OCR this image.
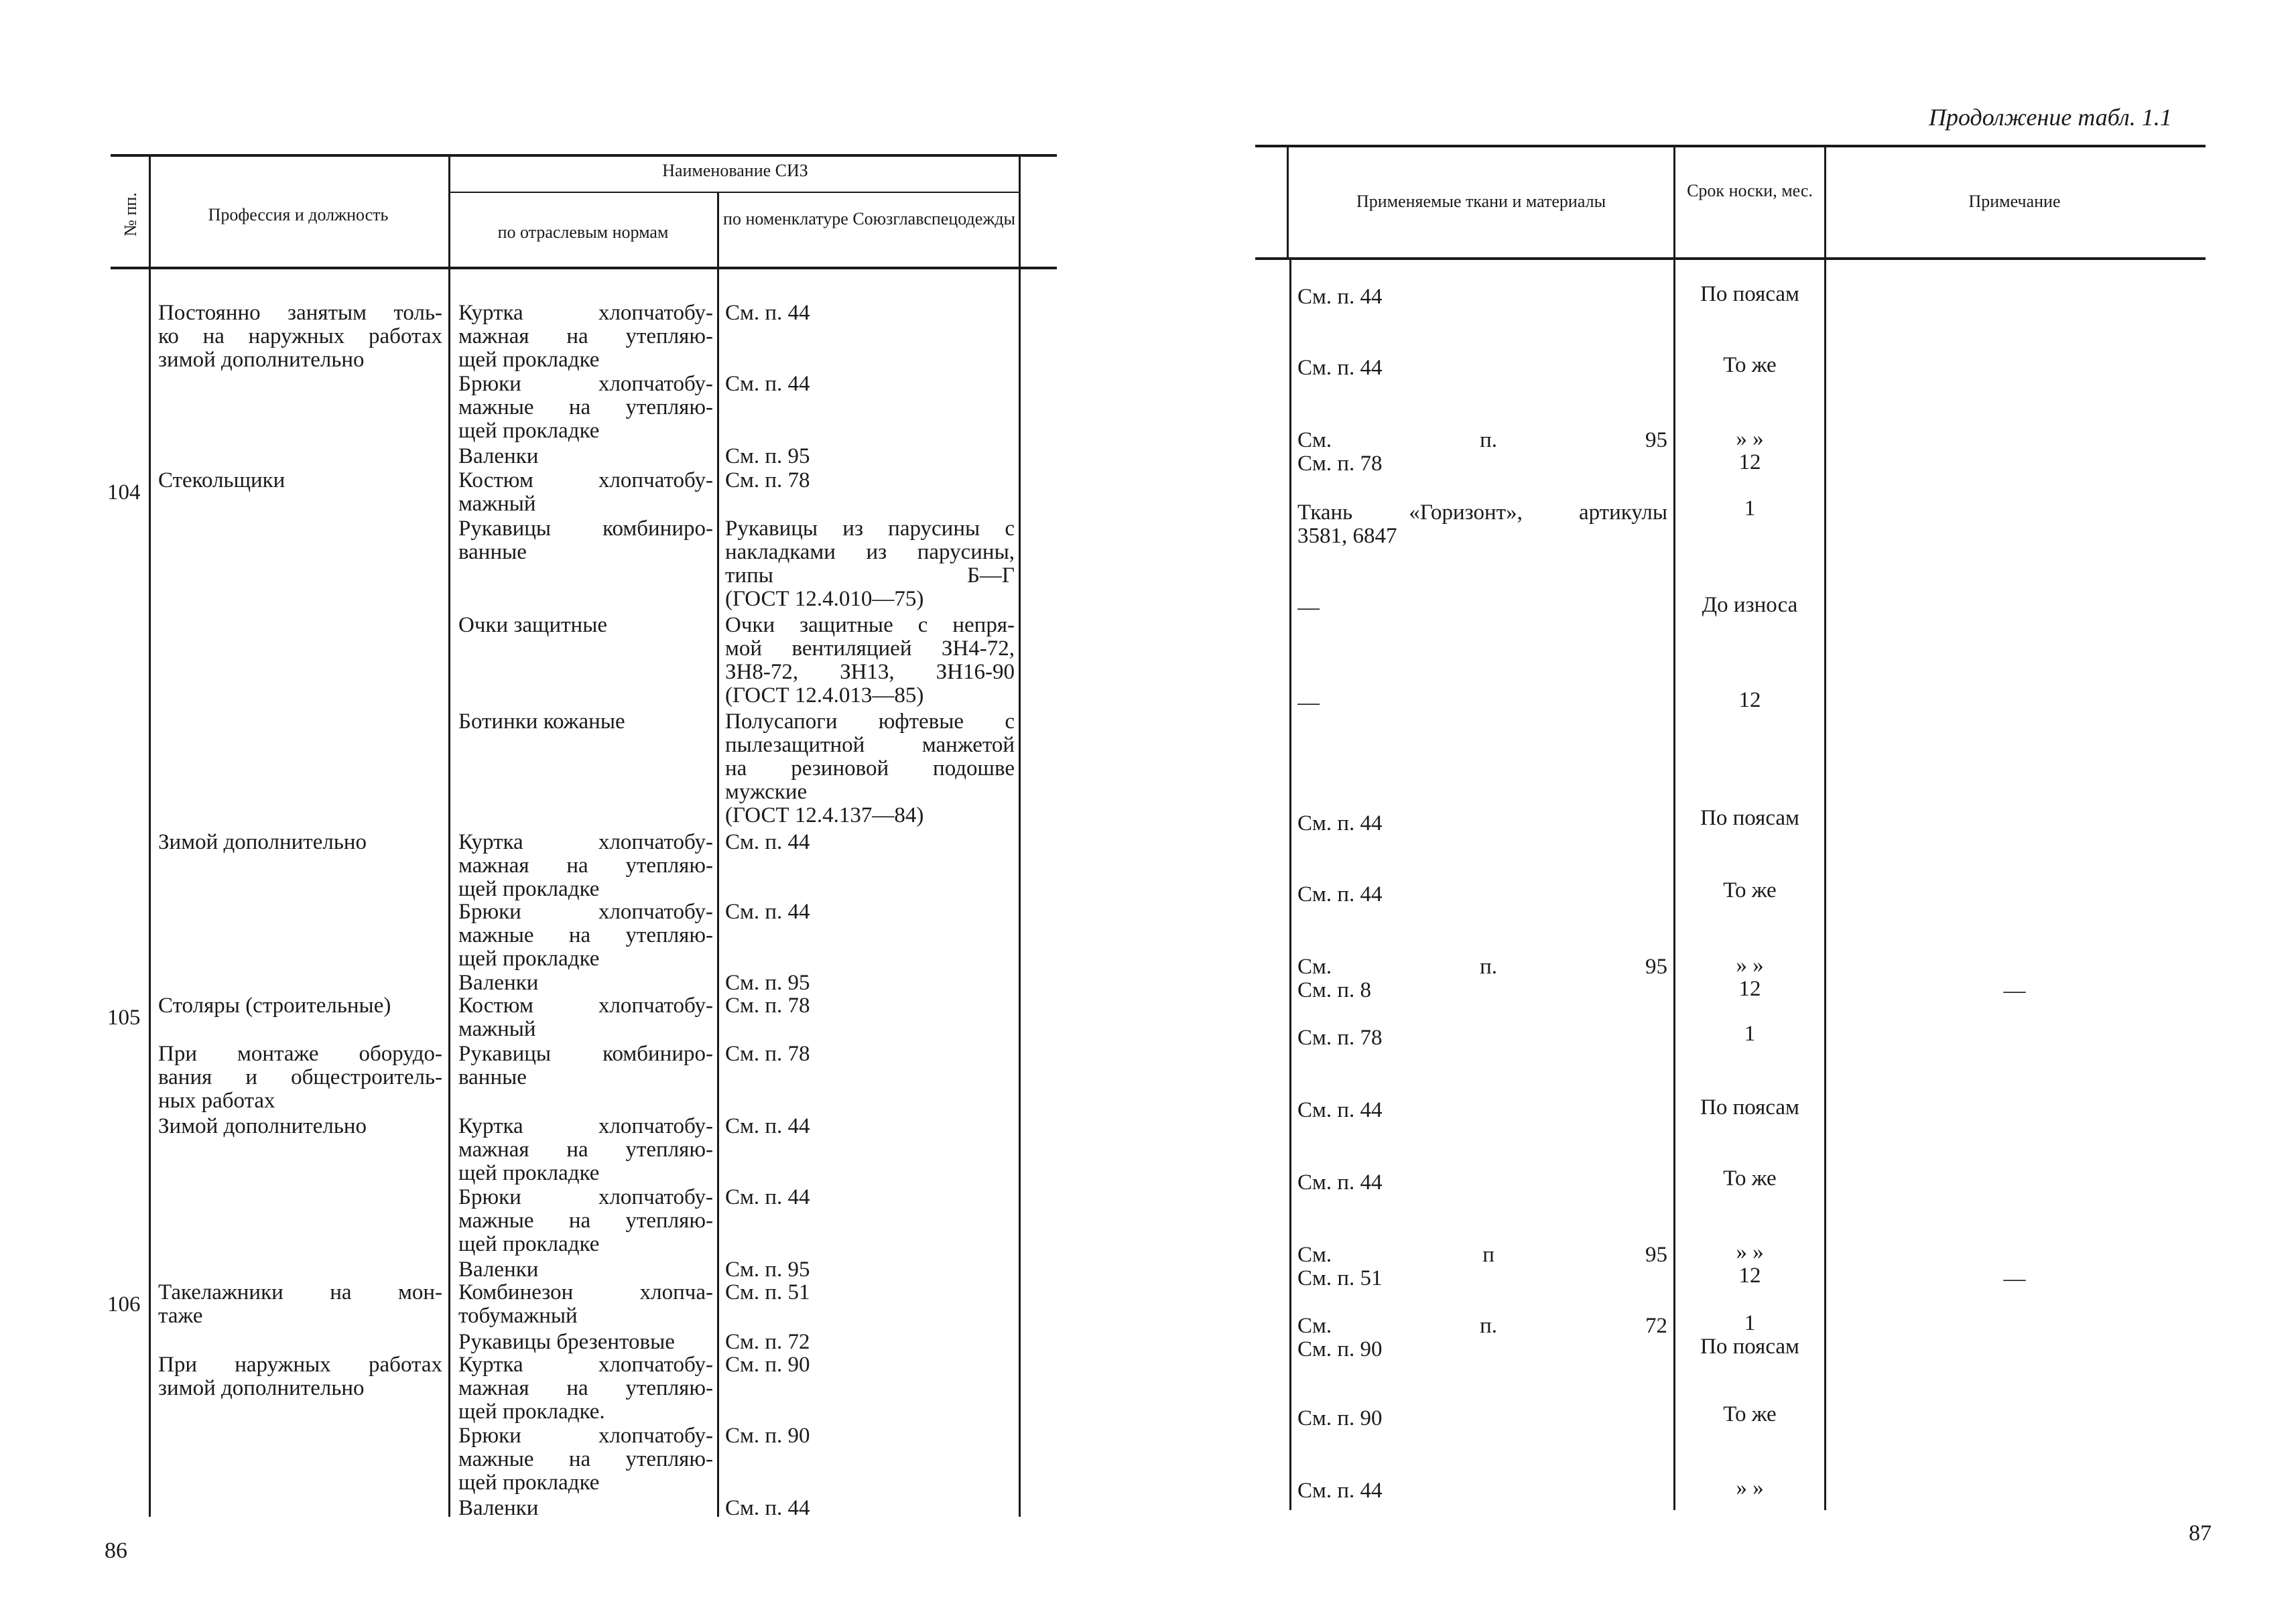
№ пп.	Профессия и должность
Наименование СИЗ
по отраслевым нормам
по номенклатуре Союзглавспецодежды
104
105
106
Постоянно занятым толь-
ко на наружных работах
зимой дополнительно
Стекольщики
Зимой дополнительно
Столяры (строительные)
При монтаже оборудо-
вания и общестроитель-
ных работах
Зимой дополнительно
Такелажники на мон-
таже
При наружных работах
зимой дополнительно
Куртка хлопчатобу-
мажная на утепляю-
щей прокладке
Брюки хлопчатобу-
мажные на утепляю-
щей прокладке
Валенки
Костюм хлопчатобу-
мажный
Рукавицы комбиниро-
ванные
Очки защитные
Ботинки кожаные
Куртка хлопчатобу-
мажная на утепляю-
щей прокладке
Брюки хлопчатобу-
мажные на утепляю-
щей прокладке
Валенки
Костюм хлопчатобу-
мажный
Рукавицы комбиниро-
ванные
Куртка хлопчатобу-
мажная на утепляю-
щей прокладке
Брюки хлопчатобу-
мажные на утепляю-
щей прокладке
Валенки
Комбинезон хлопча-
тобумажный
Рукавицы брезентовые
Куртка хлопчатобу-
мажная на утепляю-
щей прокладке.
Брюки хлопчатобу-
мажные на утепляю-
щей прокладке
Валенки
См. п. 44
См. п. 44
См. п. 95
См. п. 78
Рукавицы из парусины с
накладками из парусины,
типы Б—Г
(ГОСТ 12.4.010—75)
Очки защитные с непря-
мой вентиляцией ЗН4-72,
ЗН8-72, ЗН13, ЗН16-90
(ГОСТ 12.4.013—85)
Полусапоги юфтевые с
пылезащитной манжетой
на резиновой подошве
мужские
(ГОСТ 12.4.137—84)
См. п. 44
См. п. 44
См. п. 95
См. п. 78
См. п. 78
См. п. 44
См. п. 44
См. п. 95
См. п. 51
См. п. 72
См. п. 90
См. п. 90
См. п. 44
86
Продолжение табл. 1.1
Применяемые ткани и материалы
Срок носки, мес.
Примечание
См. п. 44
См. п. 44
См. п. 95
См. п. 78
Ткань «Горизонт», артикулы
3581, 6847
—
—
См. п. 44
См. п. 44
См. п. 95
См. п. 8
См. п. 78
См. п. 44
См. п. 44
См. п 95
См. п. 51
См. п. 72
См. п. 90
См. п. 90
См. п. 44
По поясам
То же
» »
12
1
До износа
12
По поясам
То же
» »
12
1
По поясам
То же
» »
12
1
По поясам
То же
» »
—
—
87
